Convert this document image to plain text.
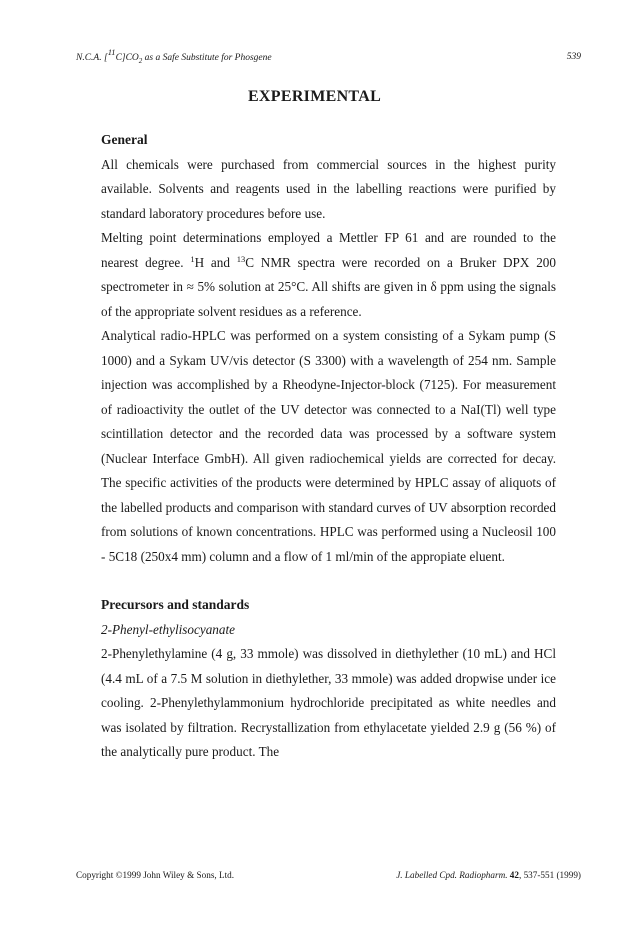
N.C.A. $[^{11}C]CO_2$ as a Safe Substitute for Phosgene	539
EXPERIMENTAL

General

All chemicals were purchased from commercial sources in the highest purity available. Solvents and reagents used in the labelling reactions were purified by standard laboratory procedures before use.

Melting point determinations employed a Mettler FP 61 and are rounded to the nearest degree. $^1$H and $^{13}$C NMR spectra were recorded on a Bruker DPX 200 spectrometer in ≈ 5% solution at 25°C. All shifts are given in δ ppm using the signals of the appropriate solvent residues as a reference.

Analytical radio-HPLC was performed on a system consisting of a Sykam pump (S 1000) and a Sykam UV/vis detector (S 3300) with a wavelength of 254 nm. Sample injection was accomplished by a Rheodyne-Injector-block (7125). For measurement of radioactivity the outlet of the UV detector was connected to a NaI(Tl) well type scintillation detector and the recorded data was processed by a software system (Nuclear Interface GmbH). All given radiochemical yields are corrected for decay. The specific activities of the products were determined by HPLC assay of aliquots of the labelled products and comparison with standard curves of UV absorption recorded from solutions of known concentrations. HPLC was performed using a Nucleosil 100 - 5C18 (250x4 mm) column and a flow of 1 ml/min of the appropiate eluent.

Precursors and standards

2-Phenyl-ethylisocyanate

2-Phenylethylamine (4 g, 33 mmole) was dissolved in diethylether (10 mL) and HCl (4.4 mL of a 7.5 M solution in diethylether, 33 mmole) was added dropwise under ice cooling. 2-Phenylethylammonium hydrochloride precipitated as white needles and was isolated by filtration. Recrystallization from ethylacetate yielded 2.9 g (56 %) of the analytically pure product. The

Copyright ©1999 John Wiley & Sons, Ltd.	J. Labelled Cpd. Radiopharm. 42, 537-551 (1999)
